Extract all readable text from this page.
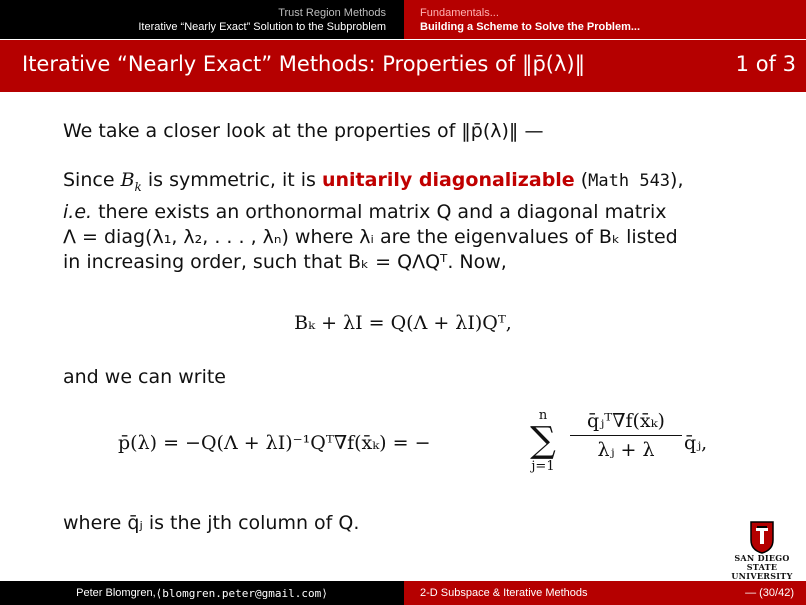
Trust Region Methods
Iterative “Nearly Exact” Solution to the Subproblem
Fundamentals...
Building a Scheme to Solve the Problem...
Iterative “Nearly Exact” Methods: Properties of ‖p̄(λ)‖	1 of 3
We take a closer look at the properties of ‖p̄(λ)‖ —
Since $B_k$ is symmetric, it is unitarily diagonalizable (Math 543),
i.e. there exists an orthonormal matrix Q and a diagonal matrix
Λ = diag(λ₁, λ₂, . . . , λₙ) where λᵢ are the eigenvalues of Bₖ listed
in increasing order, such that Bₖ = QΛQᵀ. Now,
Bₖ + λI = Q(Λ + λI)Qᵀ,
and we can write
p̄(λ) = −Q(Λ + λI)⁻¹Qᵀ∇f(x̄ₖ) = −
n
∑
j=1
$\frac{\text{q̄ⱼᵀ∇f(x̄ₖ)}}{\text{λⱼ + λ}}$ q̄ⱼ,
where q̄ⱼ is the jth column of Q.
SAN DIEGO STATE
UNIVERSITY
Peter Blomgren, ⟨blomgren.peter@gmail.com⟩	2-D Subspace & Iterative Methods	— (30/42)
